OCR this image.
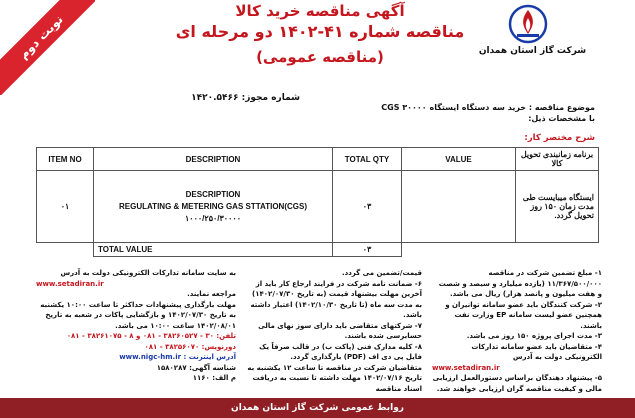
نوبت دوم	شرکت گاز استان همدان
آگهی مناقصه خرید کالا
مناقصه شماره ۴۱-۱۴۰۲ دو مرحله ای
(مناقصه عمومی)
شماره مجوز: ۱۴۲۰.۵۴۶۶
موضوع مناقصه : خرید سه دستگاه ایستگاه CGS ۳۰۰۰۰
با مشخصات ذیل:
شرح مختصر کار:
ITEM NO	DESCRIPTION	TOTAL QTY	VALUE	برنامه زمانبندی تحویل کالا
۰۱	DESCRIPTION
REGULATING & METERING GAS STTATION(CGS)
۱۰۰۰/۲۵۰/۳۰۰۰۰	۰۳		ایستگاه میبایست طی مدت زمان ۱۵۰ روز تحویل گردد.
	TOTAL VALUE	۰۳		

۱- مبلغ تضمین شرکت در مناقصه ۱۱/۳۶۷/۵۰۰/۰۰۰ (یازده میلیارد و سیصد و شصت و هفت میلیون و پانصد هزار) ریال می باشد.

۲- شرکت کنندگان باید عضو سامانه توانیران و همچنین عضو لیست سامانه EP وزارت نفت باشند.

۳- مدت اجرای پروژه ۱۵۰ روز می باشد.

۴- متقاضیان باید عضو سامانه تدارکات الکترونیکی دولت به آدرس

www.setadiran.ir

۵- پیشنهاد دهندگان براساس دستورالعمل ارزیابی مالی و کیفیت مناقصه گران ارزیابی خواهند شد.

قیمت/تضمین می گردد.

۶- ضمانت نامه شرکت در فرایند ارجاع کار باید از آخرین مهلت بیشنهاد قیمت (به تاریخ ۱۴۰۲/۰۷/۳۰) به مدت سه ماه (تا تاریخ ۱۴۰۲/۱۰/۳۰) اعتبار داشته باشد.

۷- شرکتهای متقاضی باید دارای سوز نهای مالی حسابرسی شده باشند.

۸- کلیه مدارک فنی (پاکت ب) در قالب صرفاً یک فایل پی دی اف (PDF) بارگذاری گردد.

متقاضیان شرکت در مناقصه تا ساعت ۱۲ یکشنبه به تاریخ ۱۴۰۲/۰۷/۱۶ مهلت داشته تا نسبت به دریافت اسناد مناقصه

به سایت سامانه تدارکات الکترونیکی دولت به آدرس

www.setadiran.ir

مراجعه نمایند.

مهلت بارگذاری پیشنهادات حداکثر تا ساعت ۱۰:۰۰ یکشنبه به تاریخ ۱۴۰۲/۰۷/۳۰ و بازگشایی پاکات در شعبه به تاریخ ۱۴۰۲/۰۸/۰۱ ساعت ۱۰:۰۰ می باشد.

تلفن: ۳۰ - ۳۸۲۶۰۵۲۷ - ۰۸۱ و ۸ - ۳۸۲۶۱۰۷۵ - ۰۸۱

دورنویس: ۳۸۲۵۶۰۷۰ - ۰۸۱

آدرس اینترنت : www.nigc-hm.ir

شناسه آگهی: ۱۵۸۰۲۸۷

م الف: ۱۱۶۰

روابط عمومی شرکت گاز استان همدان
